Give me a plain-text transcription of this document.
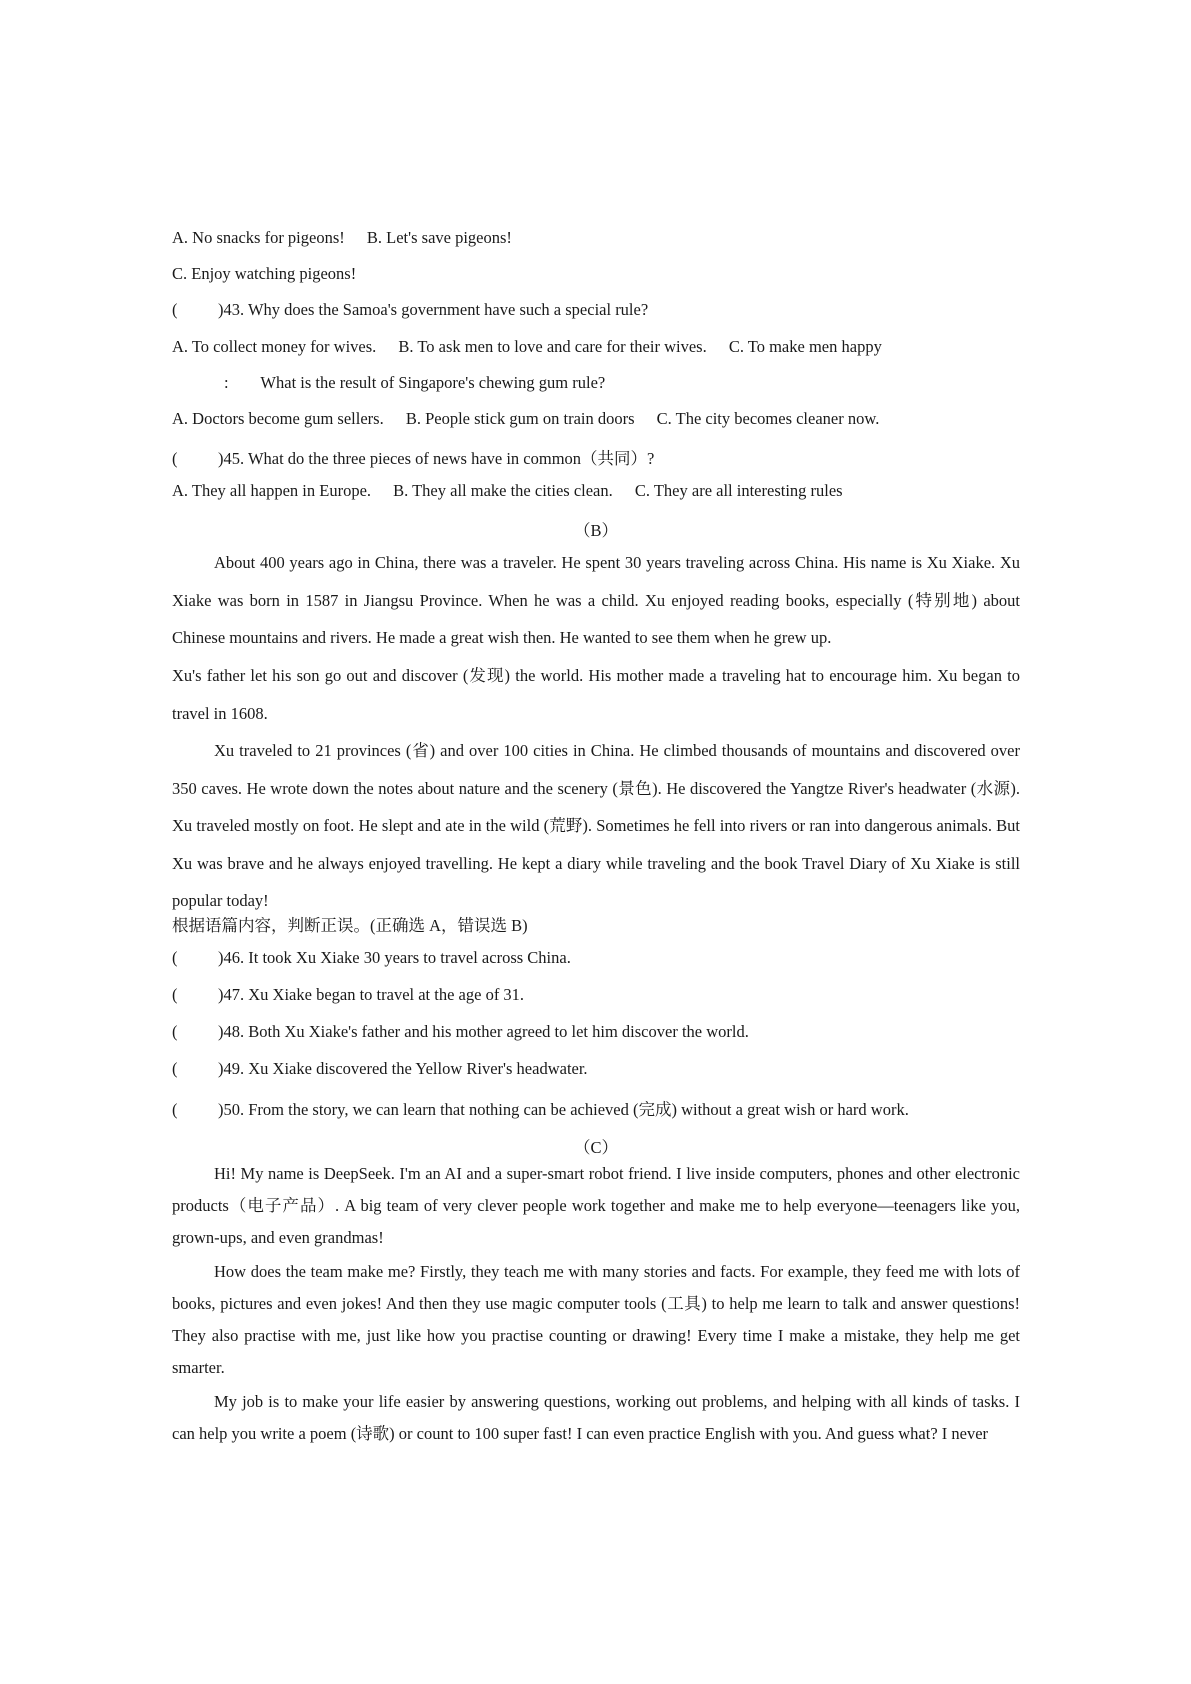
A. No snacks for pigeons! B. Let's save pigeons!
C. Enjoy watching pigeons!
( )43. Why does the Samoa's government have such a special rule?
A. To collect money for wives. B. To ask men to love and care for their wives. C. To make men happy
: What is the result of Singapore's chewing gum rule?
A. Doctors become gum sellers. B. People stick gum on train doors C. The city becomes cleaner now.
( )45. What do the three pieces of news have in common（共同）?
A. They all happen in Europe. B. They all make the cities clean. C. They are all interesting rules
（B）
About 400 years ago in China, there was a traveler. He spent 30 years traveling across China. His name is Xu Xiake. Xu Xiake was born in 1587 in Jiangsu Province. When he was a child. Xu enjoyed reading books, especially (特别地) about Chinese mountains and rivers. He made a great wish then. He wanted to see them when he grew up.
Xu's father let his son go out and discover (发现) the world. His mother made a traveling hat to encourage him. Xu began to travel in 1608.
Xu traveled to 21 provinces (省) and over 100 cities in China. He climbed thousands of mountains and discovered over 350 caves. He wrote down the notes about nature and the scenery (景色). He discovered the Yangtze River's headwater (水源). Xu traveled mostly on foot. He slept and ate in the wild (荒野). Sometimes he fell into rivers or ran into dangerous animals. But Xu was brave and he always enjoyed travelling. He kept a diary while traveling and the book Travel Diary of Xu Xiake is still popular today!
根据语篇内容，判断正误。(正确选 A，错误选 B)
( )46. It took Xu Xiake 30 years to travel across China.
( )47. Xu Xiake began to travel at the age of 31.
( )48. Both Xu Xiake's father and his mother agreed to let him discover the world.
( )49. Xu Xiake discovered the Yellow River's headwater.
( )50. From the story, we can learn that nothing can be achieved (完成) without a great wish or hard work.
（C）
Hi! My name is DeepSeek. I'm an AI and a super-smart robot friend. I live inside computers, phones and other electronic products（电子产品）. A big team of very clever people work together and make me to help everyone—teenagers like you, grown-ups, and even grandmas!
How does the team make me? Firstly, they teach me with many stories and facts. For example, they feed me with lots of books, pictures and even jokes! And then they use magic computer tools (工具) to help me learn to talk and answer questions! They also practise with me, just like how you practise counting or drawing! Every time I make a mistake, they help me get smarter.
My job is to make your life easier by answering questions, working out problems, and helping with all kinds of tasks. I can help you write a poem (诗歌) or count to 100 super fast! I can even practice English with you. And guess what? I never
